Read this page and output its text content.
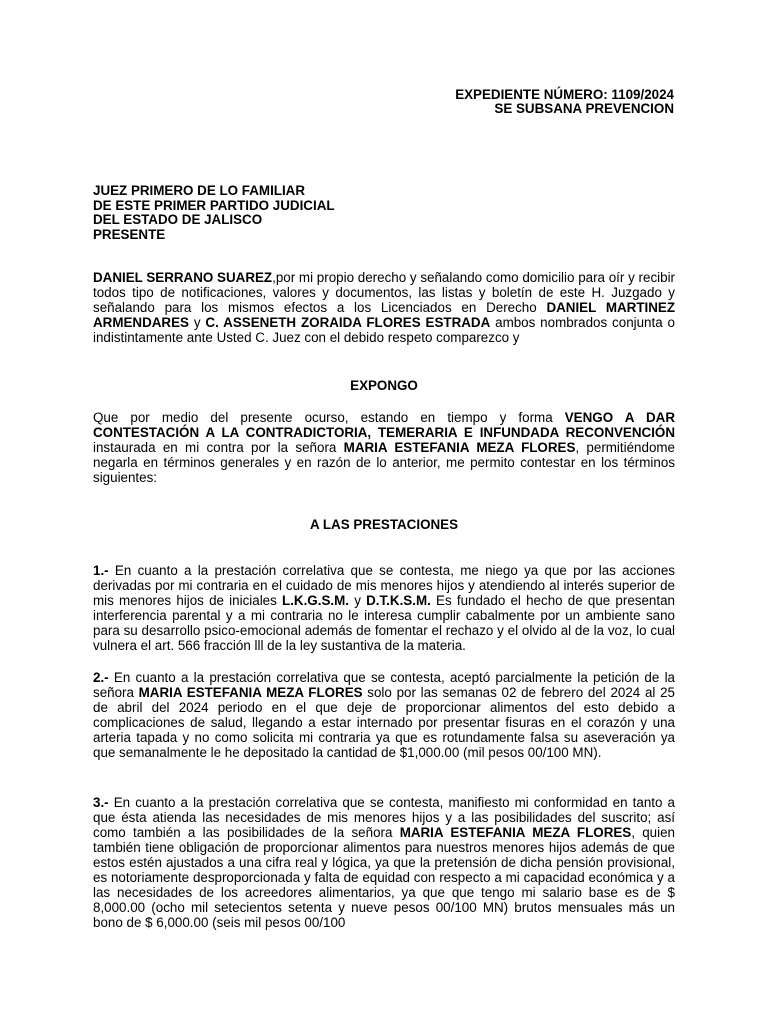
EXPEDIENTE NÚMERO: 1109/2024
SE SUBSANA PREVENCION
JUEZ PRIMERO DE LO FAMILIAR
DE ESTE PRIMER PARTIDO JUDICIAL
DEL ESTADO DE JALISCO
PRESENTE
DANIEL SERRANO SUAREZ,por mi propio derecho y señalando como domicilio para oír y recibir todos tipo de notificaciones, valores y documentos, las listas y boletín de este H. Juzgado y señalando para los mismos efectos a los Licenciados en Derecho DANIEL MARTINEZ ARMENDARES y C. ASSENETH ZORAIDA FLORES ESTRADA ambos nombrados conjunta o indistintamente ante Usted C. Juez con el debido respeto comparezco y
EXPONGO
Que por medio del presente ocurso, estando en tiempo y forma VENGO A DAR CONTESTACIÓN A LA CONTRADICTORIA, TEMERARIA E INFUNDADA RECONVENCIÓN instaurada en mi contra por la señora MARIA ESTEFANIA MEZA FLORES, permitiéndome negarla en términos generales y en razón de lo anterior, me permito contestar en los términos siguientes:
A LAS PRESTACIONES
1.- En cuanto a la prestación correlativa que se contesta, me niego ya que por las acciones derivadas por mi contraria en el cuidado de mis menores hijos y atendiendo al interés superior de mis menores hijos de iniciales L.K.G.S.M. y D.T.K.S.M. Es fundado el hecho de que presentan interferencia parental y a mi contraria no le interesa cumplir cabalmente por un ambiente sano para su desarrollo psico-emocional además de fomentar el rechazo y el olvido al de la voz, lo cual vulnera el art. 566 fracción lll de la ley sustantiva de la materia.
2.- En cuanto a la prestación correlativa que se contesta, aceptó parcialmente la petición de la señora MARIA ESTEFANIA MEZA FLORES solo por las semanas 02 de febrero del 2024 al 25 de abril del 2024 periodo en el que deje de proporcionar alimentos del esto debido a complicaciones de salud, llegando a estar internado por presentar fisuras en el corazón y una arteria tapada y no como solicita mi contraria ya que es rotundamente falsa su aseveración ya que semanalmente le he depositado la cantidad de $1,000.00 (mil pesos 00/100 MN).
3.- En cuanto a la prestación correlativa que se contesta, manifiesto mi conformidad en tanto a que ésta atienda las necesidades de mis menores hijos y a las posibilidades del suscrito; así como también a las posibilidades de la señora MARIA ESTEFANIA MEZA FLORES, quien también tiene obligación de proporcionar alimentos para nuestros menores hijos además de que estos estén ajustados a una cifra real y lógica, ya que la pretensión de dicha pensión provisional, es notoriamente desproporcionada y falta de equidad con respecto a mi capacidad económica y a las necesidades de los acreedores alimentarios, ya que que tengo mi salario base es de $ 8,000.00 (ocho mil setecientos setenta y nueve pesos 00/100 MN) brutos mensuales más un bono de $ 6,000.00 (seis mil pesos 00/100
